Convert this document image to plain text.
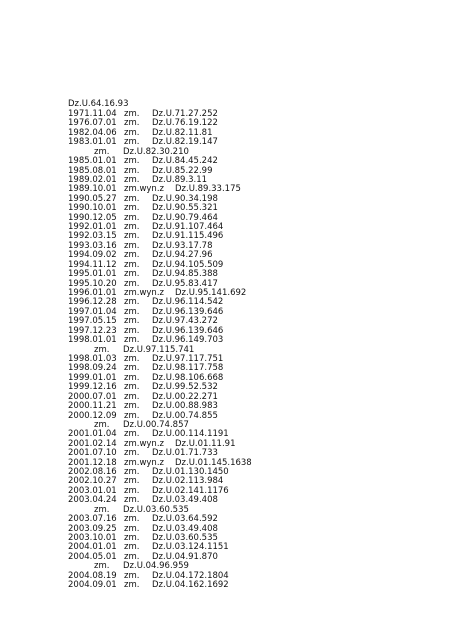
Dz.U.64.16.93
1971.11.04 zm. Dz.U.71.27.252
1976.07.01 zm. Dz.U.76.19.122
1982.04.06 zm. Dz.U.82.11.81
1983.01.01 zm. Dz.U.82.19.147
zm. Dz.U.82.30.210
1985.01.01 zm. Dz.U.84.45.242
1985.08.01 zm. Dz.U.85.22.99
1989.02.01 zm. Dz.U.89.3.11
1989.10.01 zm.wyn.z Dz.U.89.33.175
1990.05.27 zm. Dz.U.90.34.198
1990.10.01 zm. Dz.U.90.55.321
1990.12.05 zm. Dz.U.90.79.464
1992.01.01 zm. Dz.U.91.107.464
1992.03.15 zm. Dz.U.91.115.496
1993.03.16 zm. Dz.U.93.17.78
1994.09.02 zm. Dz.U.94.27.96
1994.11.12 zm. Dz.U.94.105.509
1995.01.01 zm. Dz.U.94.85.388
1995.10.20 zm. Dz.U.95.83.417
1996.01.01 zm.wyn.z Dz.U.95.141.692
1996.12.28 zm. Dz.U.96.114.542
1997.01.04 zm. Dz.U.96.139.646
1997.05.15 zm. Dz.U.97.43.272
1997.12.23 zm. Dz.U.96.139.646
1998.01.01 zm. Dz.U.96.149.703
zm. Dz.U.97.115.741
1998.01.03 zm. Dz.U.97.117.751
1998.09.24 zm. Dz.U.98.117.758
1999.01.01 zm. Dz.U.98.106.668
1999.12.16 zm. Dz.U.99.52.532
2000.07.01 zm. Dz.U.00.22.271
2000.11.21 zm. Dz.U.00.88.983
2000.12.09 zm. Dz.U.00.74.855
zm. Dz.U.00.74.857
2001.01.04 zm. Dz.U.00.114.1191
2001.02.14 zm.wyn.z Dz.U.01.11.91
2001.07.10 zm. Dz.U.01.71.733
2001.12.18 zm.wyn.z Dz.U.01.145.1638
2002.08.16 zm. Dz.U.01.130.1450
2002.10.27 zm. Dz.U.02.113.984
2003.01.01 zm. Dz.U.02.141.1176
2003.04.24 zm. Dz.U.03.49.408
zm. Dz.U.03.60.535
2003.07.16 zm. Dz.U.03.64.592
2003.09.25 zm. Dz.U.03.49.408
2003.10.01 zm. Dz.U.03.60.535
2004.01.01 zm. Dz.U.03.124.1151
2004.05.01 zm. Dz.U.04.91.870
zm. Dz.U.04.96.959
2004.08.19 zm. Dz.U.04.172.1804
2004.09.01 zm. Dz.U.04.162.1692
